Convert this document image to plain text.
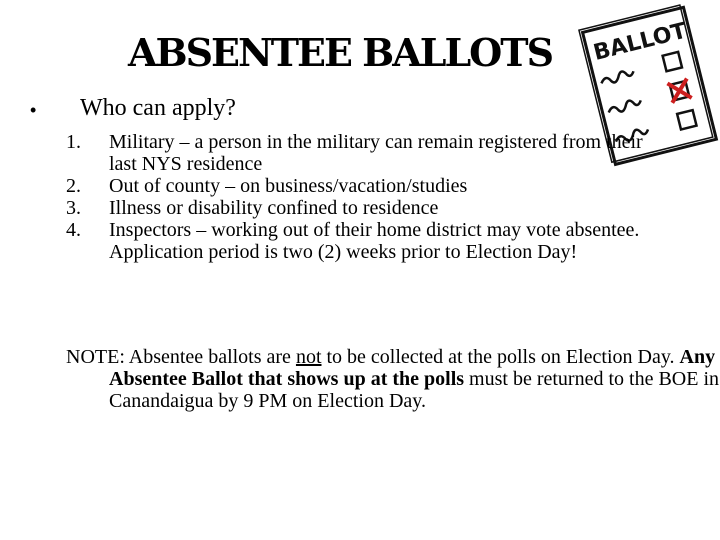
ABSENTEE BALLOTS	BALLOT
• Who can apply?
1. Military – a person in the military can remain registered from their last NYS residence
2. Out of county – on business/vacation/studies
3. Illness or disability confined to residence
4. Inspectors – working out of their home district may vote absentee. Application period is two (2) weeks prior to Election Day!
NOTE: Absentee ballots are not to be collected at the polls on Election Day. Any Absentee Ballot that shows up at the polls must be returned to the BOE in Canandaigua by 9 PM on Election Day.
